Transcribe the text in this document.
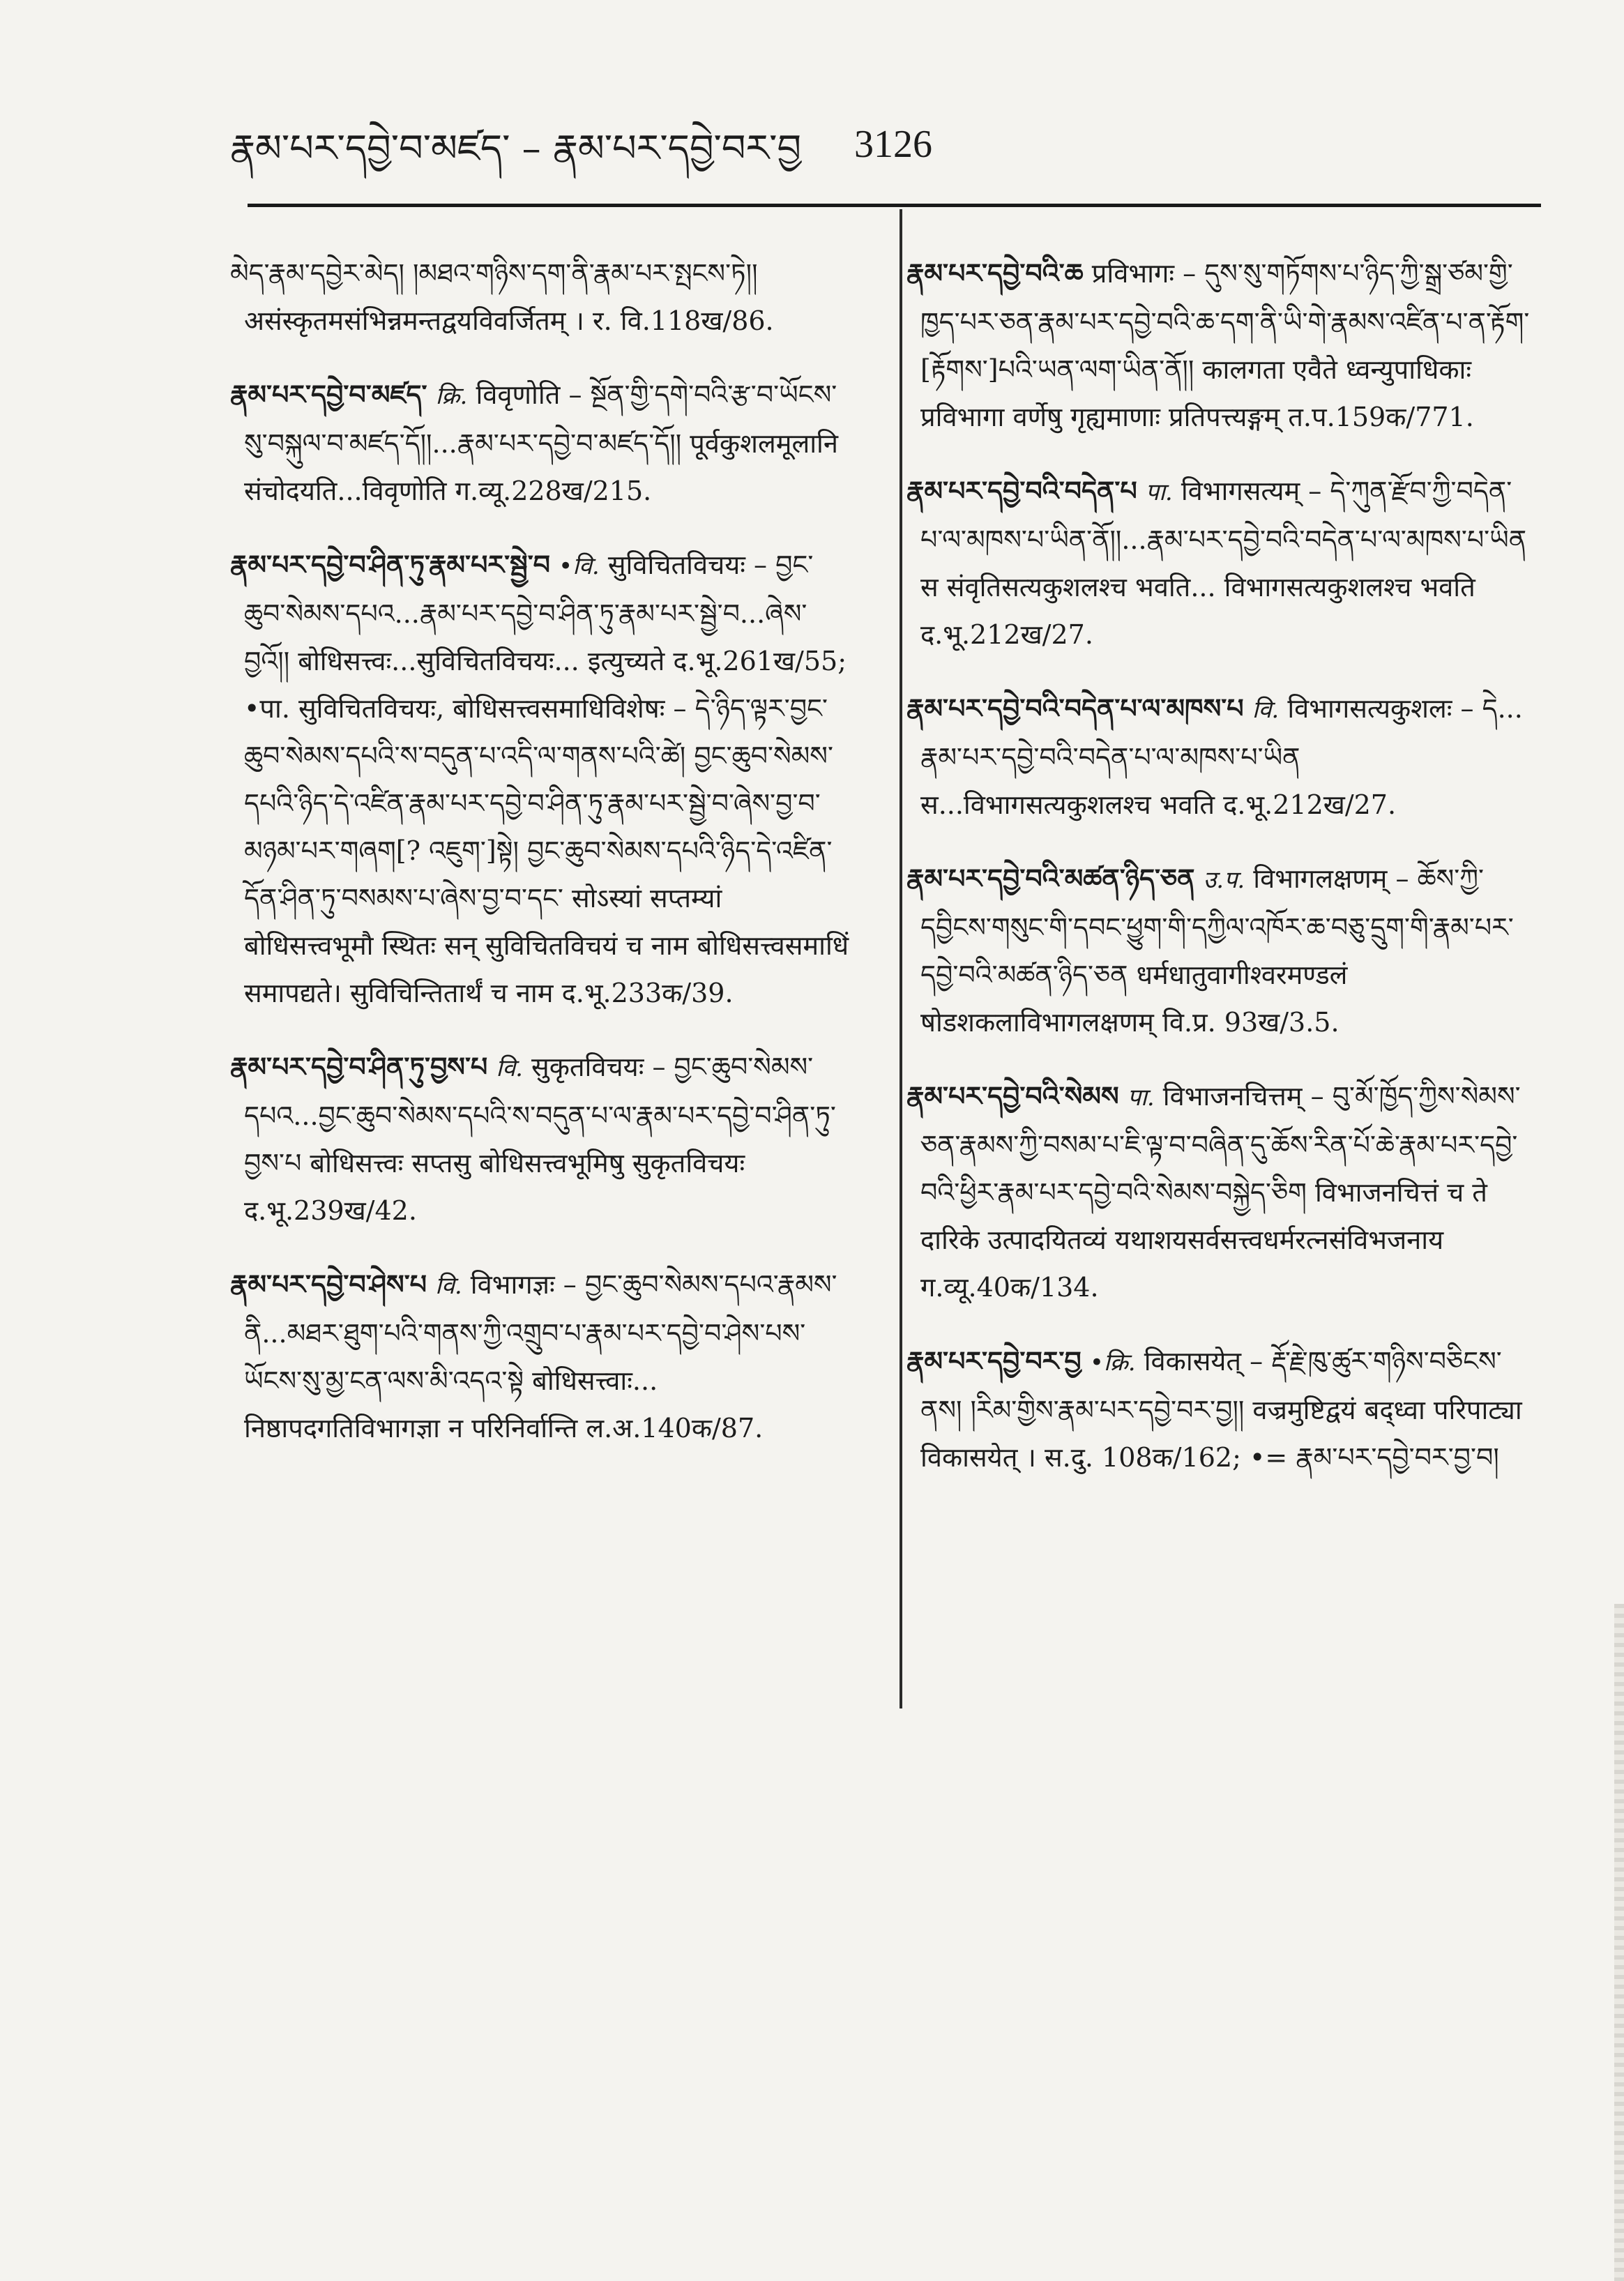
རྣམ་པར་དབྱེ་བ་མཛད་ – རྣམ་པར་དབྱེ་བར་བྱ 3126

མེད་རྣམ་དབྱེར་མེད། །མཐའ་གཉིས་དག་ནི་རྣམ་པར་སྤངས་ཏེ།། असंस्कृतमसंभिन्नमन्तद्वयविवर्जितम् । र. वि.118ख/86.

རྣམ་པར་དབྱེ་བ་མཛད་ क्रि. विवृणोति – སྔོན་གྱི་དགེ་བའི་རྩ་བ་ཡོངས་སུ་བསྐུལ་བ་མཛད་དོ།།...རྣམ་པར་དབྱེ་བ་མཛད་དོ།། पूर्वकुशलमूलानि संचोदयति...विवृणोति ग.व्यू.228ख/215.

རྣམ་པར་དབྱེ་བ་ཤིན་ཏུ་རྣམ་པར་སྦྱེ་བ •वि. सुविचितविचयः – བྱང་ཆུབ་སེམས་དཔའ...རྣམ་པར་དབྱེ་བ་ཤིན་ཏུ་རྣམ་པར་སྦྱེ་བ...ཞེས་བྱའོ།། बोधिसत्त्वः...सुविचितविचयः... इत्युच्यते द.भू.261ख/55; •पा. सुविचितविचयः, बोधिसत्त्वसमाधिविशेषः – དེ་ཉིད་ལྟར་བྱང་ཆུབ་སེམས་དཔའི་ས་བདུན་པ་འདི་ལ་གནས་པའི་ཚེ། བྱང་ཆུབ་སེམས་དཔའི་ཉིད་དེ་འཛིན་རྣམ་པར་དབྱེ་བ་ཤིན་ཏུ་རྣམ་པར་སྦྱེ་བ་ཞེས་བྱ་བ་མཉམ་པར་གཞག[? འཇུག་]སྟེ། བྱང་ཆུབ་སེམས་དཔའི་ཉིད་དེ་འཛིན་དོན་ཤིན་ཏུ་བསམས་པ་ཞེས་བྱ་བ་དང་ सोऽस्यां सप्तम्यां बोधिसत्त्वभूमौ स्थितः सन् सुविचितविचयं च नाम बोधिसत्त्वसमाधिं समापद्यते। सुविचिन्तितार्थं च नाम द.भू.233क/39.

རྣམ་པར་དབྱེ་བ་ཤིན་ཏུ་བྱས་པ वि. सुकृतविचयः – བྱང་ཆུབ་སེམས་དཔའ...བྱང་ཆུབ་སེམས་དཔའི་ས་བདུན་པ་ལ་རྣམ་པར་དབྱེ་བ་ཤིན་ཏུ་བྱས་པ बोधिसत्त्वः सप्तसु बोधिसत्त्वभूमिषु सुकृतविचयः द.भू.239ख/42.

རྣམ་པར་དབྱེ་བ་ཤེས་པ वि. विभागज्ञः – བྱང་ཆུབ་སེམས་དཔའ་རྣམས་ནི...མཐར་ཐུག་པའི་གནས་ཀྱི་འགྲུབ་པ་རྣམ་པར་དབྱེ་བ་ཤེས་པས་ཡོངས་སུ་མྱ་ངན་ལས་མི་འདའ་སྟེ बोधिसत्त्वाः... निष्ठापदगतिविभागज्ञा न परिनिर्वान्ति ल.अ.140क/87.

རྣམ་པར་དབྱེ་བའི་ཆ प्रविभागः – དུས་སུ་གཏོགས་པ་ཉིད་ཀྱི་སྒྲ་ཙམ་གྱི་ཁྱད་པར་ཅན་རྣམ་པར་དབྱེ་བའི་ཆ་དག་ནི་ཡི་གེ་རྣམས་འཛིན་པ་ན་རྟོག་[རྟོགས་]པའི་ཡན་ལག་ཡིན་ནོ།། कालगता एवैते ध्वन्युपाधिकाः प्रविभागा वर्णेषु गृह्यमाणाः प्रतिपत्त्यङ्गम् त.प.159क/771.

རྣམ་པར་དབྱེ་བའི་བདེན་པ पा. विभागसत्यम् – དེ་ཀུན་རྫོབ་ཀྱི་བདེན་པ་ལ་མཁས་པ་ཡིན་ནོ།།...རྣམ་པར་དབྱེ་བའི་བདེན་པ་ལ་མཁས་པ་ཡིན स संवृतिसत्यकुशलश्च भवति... विभागसत्यकुशलश्च भवति द.भू.212ख/27.

རྣམ་པར་དབྱེ་བའི་བདེན་པ་ལ་མཁས་པ वि. विभागसत्यकुशलः – དེ... རྣམ་པར་དབྱེ་བའི་བདེན་པ་ལ་མཁས་པ་ཡིན स...विभागसत्यकुशलश्च भवति द.भू.212ख/27.

རྣམ་པར་དབྱེ་བའི་མཚན་ཉིད་ཅན उ.प. विभागलक्षणम् – ཆོས་ཀྱི་དབྱིངས་གསུང་གི་དབང་ཕྱུག་གི་དཀྱིལ་འཁོར་ཆ་བཅུ་དྲུག་གི་རྣམ་པར་དབྱེ་བའི་མཚན་ཉིད་ཅན धर्मधातुवागीश्वरमण्डलं षोडशकलाविभागलक्षणम् वि.प्र. 93ख/3.5.

རྣམ་པར་དབྱེ་བའི་སེམས पा. विभाजनचित्तम् – བུ་མོ་ཁྱོད་ཀྱིས་སེམས་ཅན་རྣམས་ཀྱི་བསམ་པ་ཇི་ལྟ་བ་བཞིན་དུ་ཆོས་རིན་པོ་ཆེ་རྣམ་པར་དབྱེ་བའི་ཕྱིར་རྣམ་པར་དབྱེ་བའི་སེམས་བསྐྱེད་ཅིག विभाजनचित्तं च ते दारिके उत्पादयितव्यं यथाशयसर्वसत्त्वधर्मरत्नसंविभजनाय ग.व्यू.40क/134.

རྣམ་པར་དབྱེ་བར་བྱ •क्रि. विकासयेत् – རྡོ་རྗེ་ཁུ་ཚུར་གཉིས་བཅིངས་ནས། །རིམ་གྱིས་རྣམ་པར་དབྱེ་བར་བྱ།། वज्रमुष्टिद्वयं बद्ध्वा परिपाट्या विकासयेत् । स.दु. 108क/162; •= རྣམ་པར་དབྱེ་བར་བྱ་བ།
